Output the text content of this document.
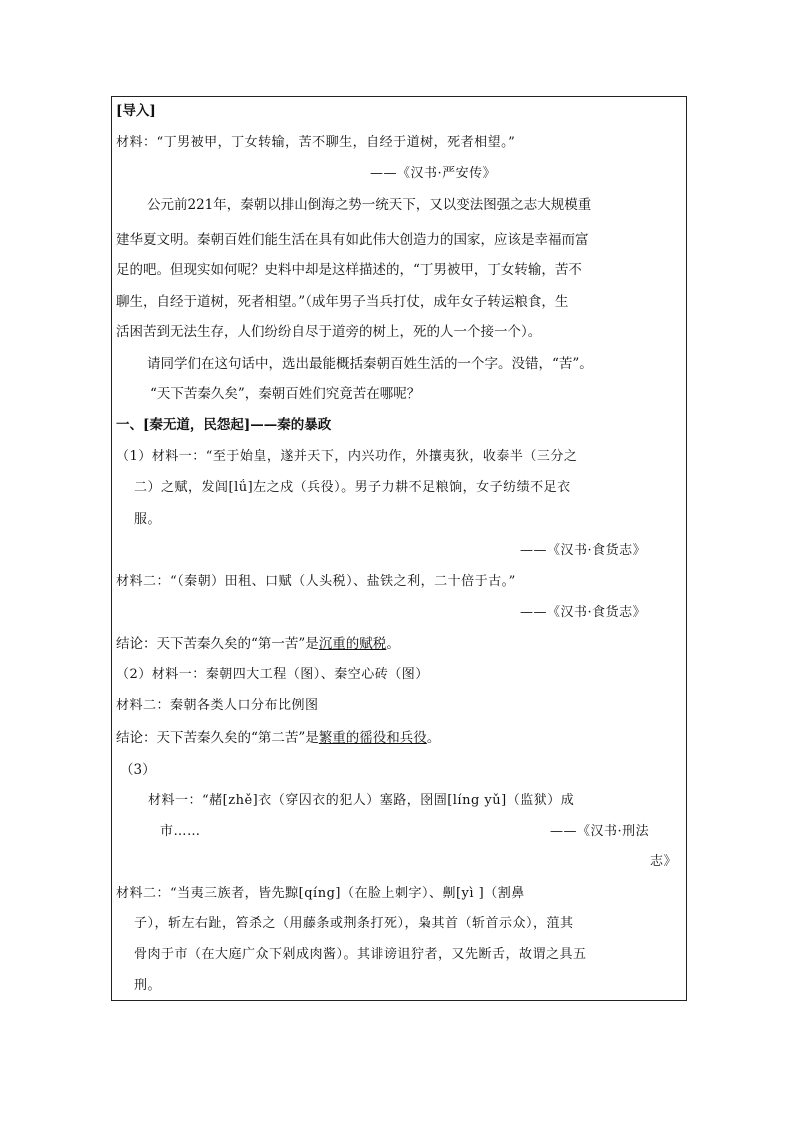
[导入]
材料：“丁男被甲，丁女转输，苦不聊生，自经于道树，死者相望。”
——《汉书·严安传》
公元前221年，秦朝以排山倒海之势一统天下，又以变法图强之志大规模重
建华夏文明。秦朝百姓们能生活在具有如此伟大创造力的国家，应该是幸福而富
足的吧。但现实如何呢？史料中却是这样描述的，“丁男被甲，丁女转输，苦不
聊生，自经于道树，死者相望。”（成年男子当兵打仗，成年女子转运粮食，生
活困苦到无法生存，人们纷纷自尽于道旁的树上，死的人一个接一个）。
请同学们在这句话中，选出最能概括秦朝百姓生活的一个字。没错，“苦”。
“天下苦秦久矣”，秦朝百姓们究竟苦在哪呢？
一、[秦无道，民怨起]——秦的暴政
（1）材料一：“至于始皇，遂并天下，内兴功作，外攘夷狄，收泰半（三分之
二）之赋，发闾[lǘ]左之戍（兵役）。男子力耕不足粮饷，女子纺绩不足衣
服。
——《汉书·食货志》
材料二：“（秦朝）田租、口赋（人头税）、盐铁之利，二十倍于古。”
——《汉书·食货志》
结论：天下苦秦久矣的“第一苦”是沉重的赋税。
（2）材料一：秦朝四大工程（图）、秦空心砖（图）
材料二：秦朝各类人口分布比例图
结论：天下苦秦久矣的“第二苦”是繁重的徭役和兵役。
（3）
材料一：“赭[zhě]衣（穿囚衣的犯人）塞路，囹圄[líng yǔ]（监狱）成
市……	——《汉书·刑法
志》
材料二：“当夷三族者，皆先黥[qíng]（在脸上刺字）、劓[yì ]（割鼻
子），斩左右趾，笞杀之（用藤条或荆条打死），枭其首（斩首示众），菹其
骨肉于市（在大庭广众下剁成肉酱）。其诽谤诅狞者，又先断舌，故谓之具五
刑。
